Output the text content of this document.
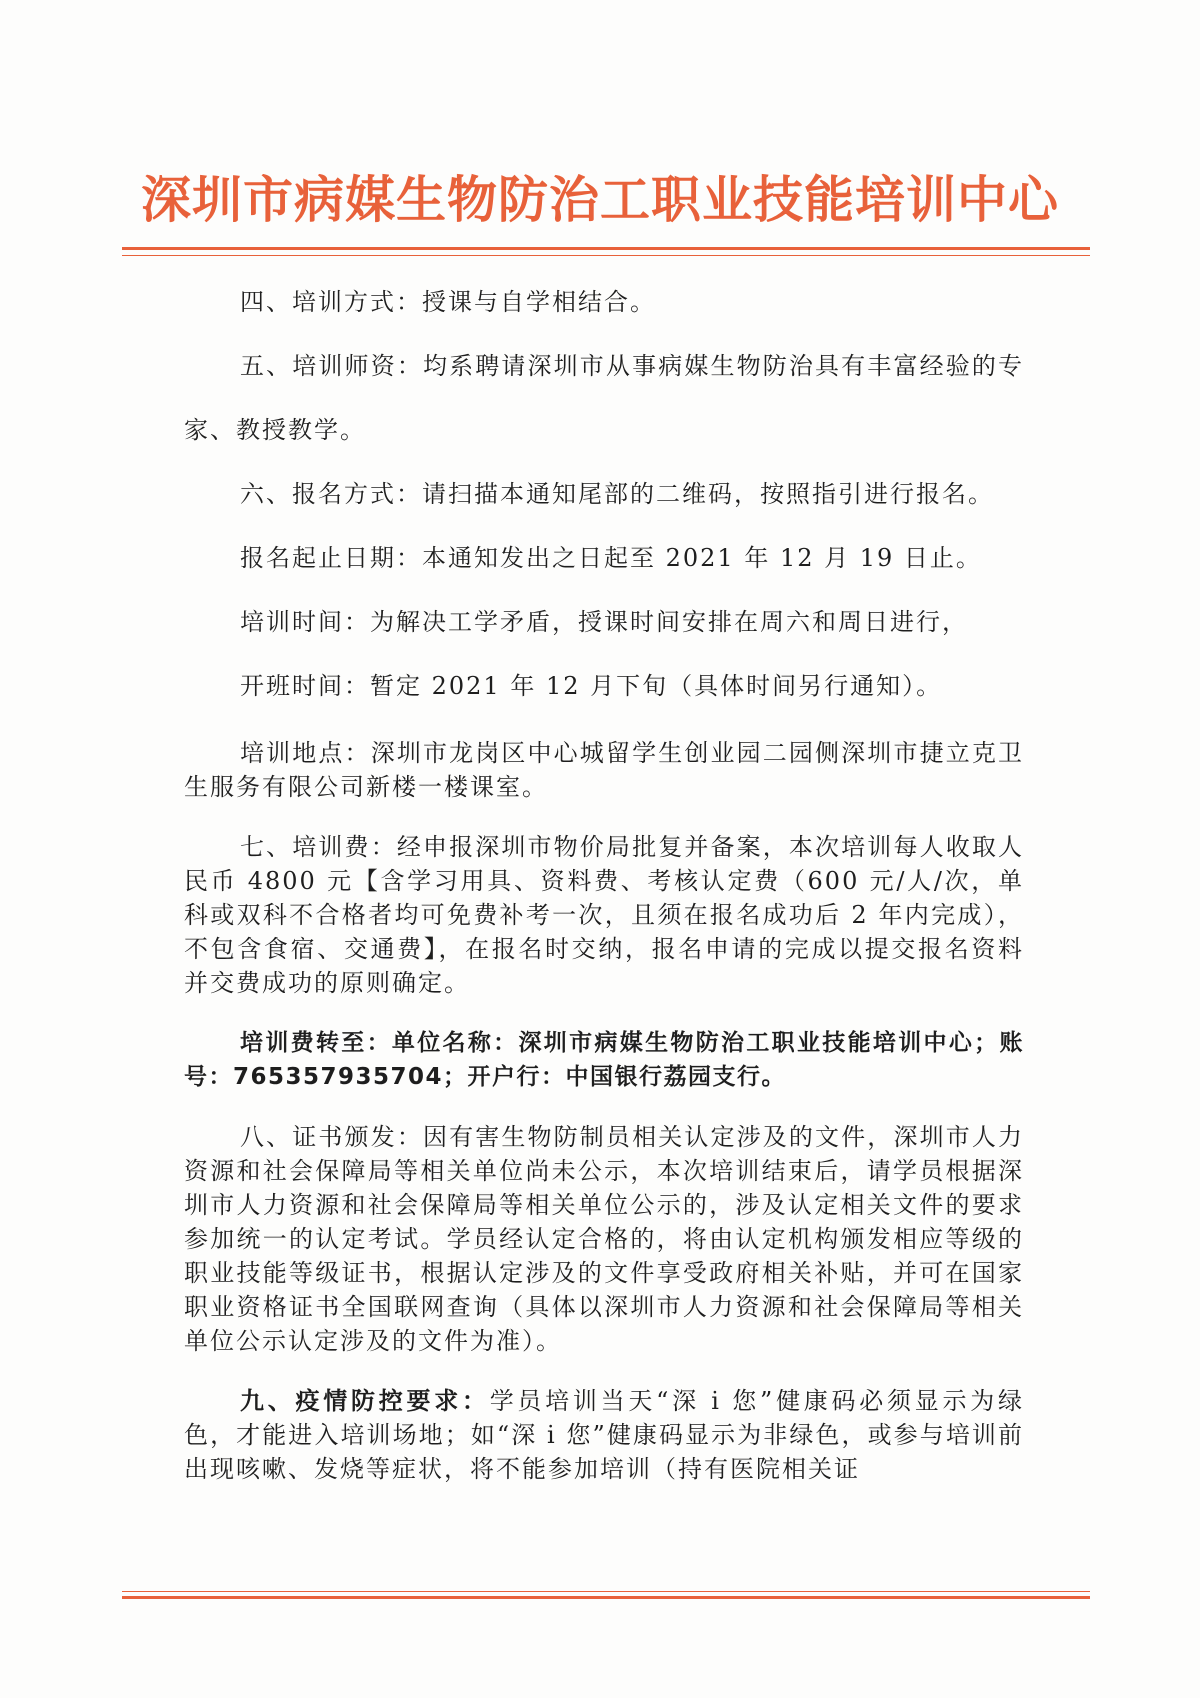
深圳市病媒生物防治工职业技能培训中心

四、培训方式：授课与自学相结合。

五、培训师资：均系聘请深圳市从事病媒生物防治具有丰富经验的专家、教授教学。

六、报名方式：请扫描本通知尾部的二维码，按照指引进行报名。

报名起止日期：本通知发出之日起至 2021 年 12 月 19 日止。

培训时间：为解决工学矛盾，授课时间安排在周六和周日进行，

开班时间：暂定 2021 年 12 月下旬（具体时间另行通知）。

培训地点：深圳市龙岗区中心城留学生创业园二园侧深圳市捷立克卫生服务有限公司新楼一楼课室。

七、培训费：经申报深圳市物价局批复并备案，本次培训每人收取人民币 4800 元【含学习用具、资料费、考核认定费（600 元/人/次，单科或双科不合格者均可免费补考一次，且须在报名成功后 2 年内完成），不包含食宿、交通费】，在报名时交纳，报名申请的完成以提交报名资料并交费成功的原则确定。

培训费转至：单位名称：深圳市病媒生物防治工职业技能培训中心；账号：765357935704；开户行：中国银行荔园支行。

八、证书颁发：因有害生物防制员相关认定涉及的文件，深圳市人力资源和社会保障局等相关单位尚未公示，本次培训结束后，请学员根据深圳市人力资源和社会保障局等相关单位公示的，涉及认定相关文件的要求参加统一的认定考试。学员经认定合格的，将由认定机构颁发相应等级的职业技能等级证书，根据认定涉及的文件享受政府相关补贴，并可在国家职业资格证书全国联网查询（具体以深圳市人力资源和社会保障局等相关单位公示认定涉及的文件为准）。

九、疫情防控要求：学员培训当天“深 i 您”健康码必须显示为绿色，才能进入培训场地；如“深 i 您”健康码显示为非绿色，或参与培训前出现咳嗽、发烧等症状，将不能参加培训（持有医院相关证
